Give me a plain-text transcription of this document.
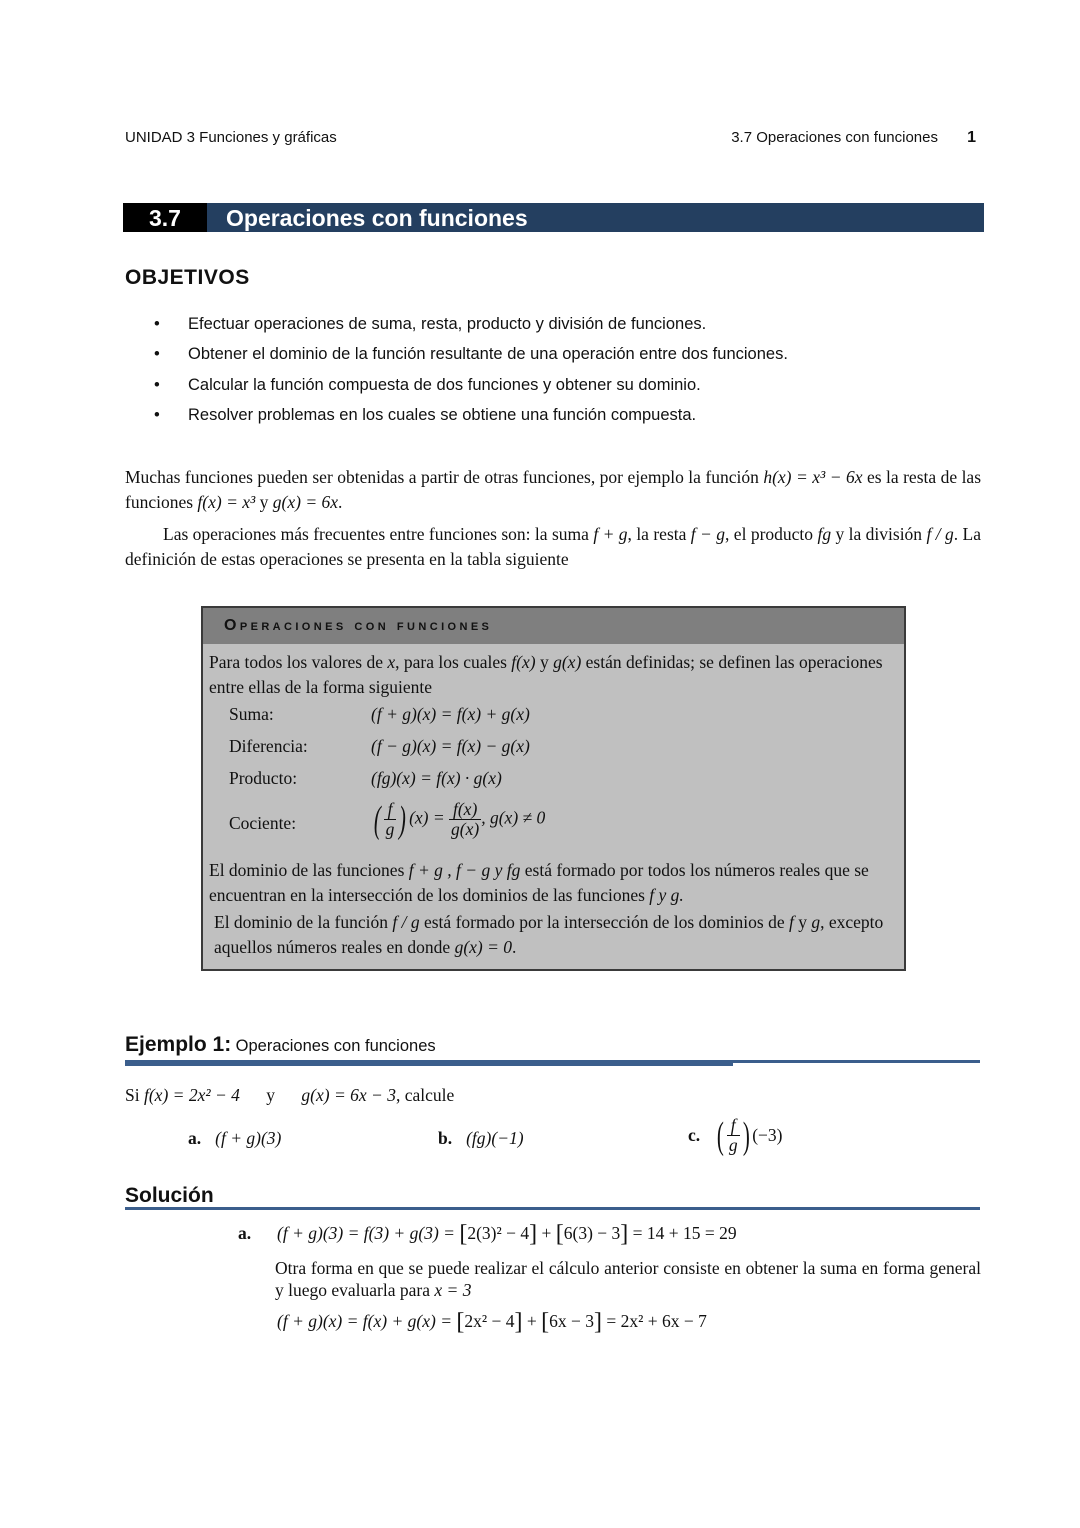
UNIDAD 3 Funciones y gráficas	3.7 Operaciones con funciones 1
3.7	Operaciones con funciones
OBJETIVOS
• Efectuar operaciones de suma, resta, producto y división de funciones.
• Obtener el dominio de la función resultante de una operación entre dos funciones.
• Calcular la función compuesta de dos funciones y obtener su dominio.
• Resolver problemas en los cuales se obtiene una función compuesta.
Muchas funciones pueden ser obtenidas a partir de otras funciones, por ejemplo la función h(x) = x³ − 6x es la resta de las funciones f(x) = x³ y g(x) = 6x.
Las operaciones más frecuentes entre funciones son: la suma f + g, la resta f − g, el producto fg y la división f / g. La definición de estas operaciones se presenta en la tabla siguiente
Operaciones con funciones
Para todos los valores de x, para los cuales f(x) y g(x) están definidas; se definen las operaciones entre ellas de la forma siguiente
Suma:	(f + g)(x) = f(x) + g(x)
Diferencia:	(f − g)(x) = f(x) − g(x)
Producto:	(fg)(x) = f(x) · g(x)
Cociente:	( $\frac{f}{g}$ ) $(x) = \frac{f(x)}{g(x)}$ , g(x) ≠ 0
El dominio de las funciones f + g , f − g y fg está formado por todos los números reales que se encuentran en la intersección de los dominios de las funciones f y g.
El dominio de la función f / g está formado por la intersección de los dominios de f y g, excepto aquellos números reales en donde g(x) = 0.
Ejemplo 1: Operaciones con funciones
Si f(x) = 2x² − 4 y g(x) = 6x − 3, calcule
a. (f + g)(3)	b. (fg)(−1)	c. ( $\frac{f}{g}$ ) (−3)
Solución
a. (f + g)(3) = f(3) + g(3) = [2(3)² − 4] + [6(3) − 3] = 14 + 15 = 29
Otra forma en que se puede realizar el cálculo anterior consiste en obtener la suma en forma general y luego evaluarla para x = 3
(f + g)(x) = f(x) + g(x) = [2x² − 4] + [6x − 3] = 2x² + 6x − 7
